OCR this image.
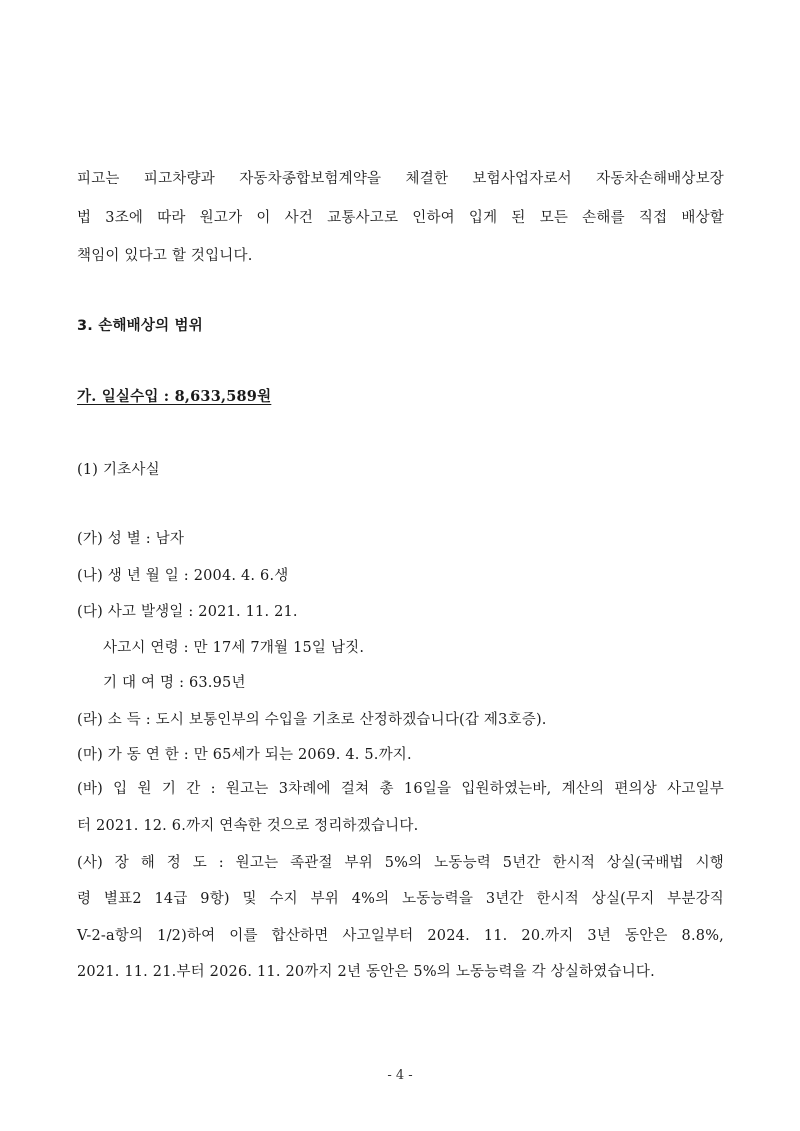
피고는 피고차량과 자동차종합보험계약을 체결한 보험사업자로서 자동차손해배상보장
법 3조에 따라 원고가 이 사건 교통사고로 인하여 입게 된 모든 손해를 직접 배상할
책임이 있다고 할 것입니다.
3. 손해배상의 범위
가. 일실수입 : 8,633,589원
(1) 기초사실
(가) 성 별 : 남자
(나) 생 년 월 일 : 2004. 4. 6.생
(다) 사고 발생일 : 2021. 11. 21.
사고시 연령 : 만 17세 7개월 15일 남짓.
기 대 여 명 : 63.95년
(라) 소 득 : 도시 보통인부의 수입을 기초로 산정하겠습니다(갑 제3호증).
(마) 가 동 연 한 : 만 65세가 되는 2069. 4. 5.까지.
(바) 입 원 기 간 : 원고는 3차례에 걸쳐 총 16일을 입원하였는바, 계산의 편의상 사고일부
터 2021. 12. 6.까지 연속한 것으로 정리하겠습니다.
(사) 장 해 정 도 : 원고는 족관절 부위 5%의 노동능력 5년간 한시적 상실(국배법 시행
령 별표2 14급 9항) 및 수지 부위 4%의 노동능력을 3년간 한시적 상실(무지 부분강직
V-2-a항의 1/2)하여 이를 합산하면 사고일부터 2024. 11. 20.까지 3년 동안은 8.8%,
2021. 11. 21.부터 2026. 11. 20까지 2년 동안은 5%의 노동능력을 각 상실하였습니다.
- 4 -
